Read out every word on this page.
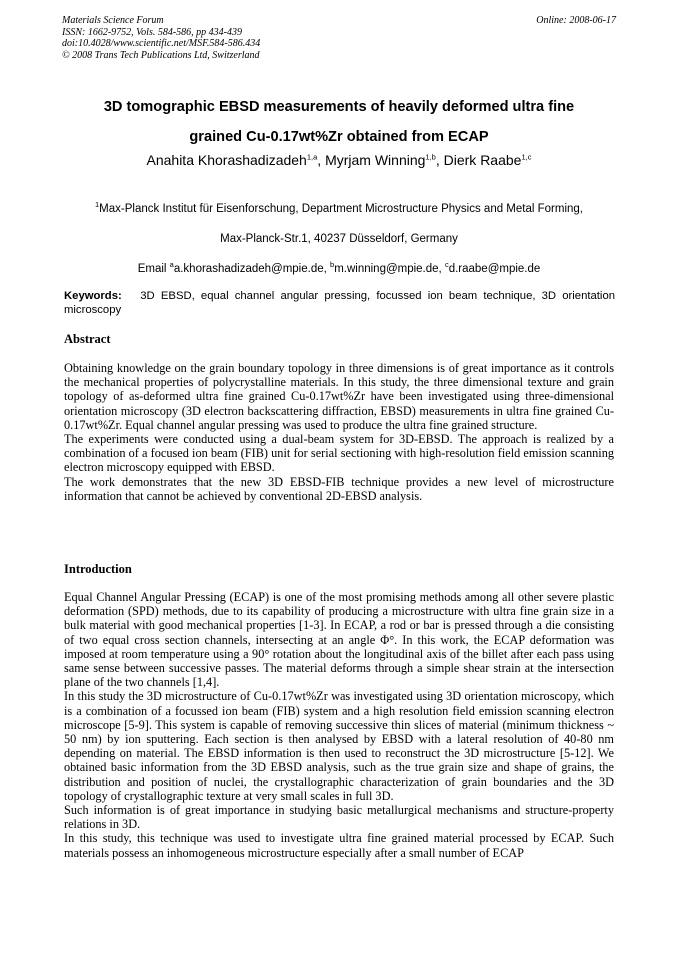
Materials Science Forum
ISSN: 1662-9752, Vols. 584-586, pp 434-439
doi:10.4028/www.scientific.net/MSF.584-586.434
© 2008 Trans Tech Publications Ltd, Switzerland
Online: 2008-06-17
3D tomographic EBSD measurements of heavily deformed ultra fine
grained Cu-0.17wt%Zr obtained from ECAP
Anahita Khorashadizadeh$^{1,a}$, Myrjam Winning$^{1,b}$, Dierk Raabe$^{1,c}$
$^1$Max-Planck Institut für Eisenforschung, Department Microstructure Physics and Metal Forming,
Max-Planck-Str.1, 40237 Düsseldorf, Germany
Email $^a$a.khorashadizadeh@mpie.de, $^b$m.winning@mpie.de, $^c$d.raabe@mpie.de
Keywords: 3D EBSD, equal channel angular pressing, focussed ion beam technique, 3D orientation microscopy
Abstract

Obtaining knowledge on the grain boundary topology in three dimensions is of great importance as it controls the mechanical properties of polycrystalline materials. In this study, the three dimensional texture and grain topology of as-deformed ultra fine grained Cu-0.17wt%Zr have been investigated using three-dimensional orientation microscopy (3D electron backscattering diffraction, EBSD) measurements in ultra fine grained Cu-0.17wt%Zr. Equal channel angular pressing was used to produce the ultra fine grained structure.

The experiments were conducted using a dual-beam system for 3D-EBSD. The approach is realized by a combination of a focused ion beam (FIB) unit for serial sectioning with high-resolution field emission scanning electron microscopy equipped with EBSD.

The work demonstrates that the new 3D EBSD-FIB technique provides a new level of microstructure information that cannot be achieved by conventional 2D-EBSD analysis.

Introduction

Equal Channel Angular Pressing (ECAP) is one of the most promising methods among all other severe plastic deformation (SPD) methods, due to its capability of producing a microstructure with ultra fine grain size in a bulk material with good mechanical properties [1-3]. In ECAP, a rod or bar is pressed through a die consisting of two equal cross section channels, intersecting at an angle Φ°. In this work, the ECAP deformation was imposed at room temperature using a 90° rotation about the longitudinal axis of the billet after each pass using same sense between successive passes. The material deforms through a simple shear strain at the intersection plane of the two channels [1,4].

In this study the 3D microstructure of Cu-0.17wt%Zr was investigated using 3D orientation microscopy, which is a combination of a focussed ion beam (FIB) system and a high resolution field emission scanning electron microscope [5-9]. This system is capable of removing successive thin slices of material (minimum thickness ~ 50 nm) by ion sputtering. Each section is then analysed by EBSD with a lateral resolution of 40-80 nm depending on material. The EBSD information is then used to reconstruct the 3D microstructure [5-12]. We obtained basic information from the 3D EBSD analysis, such as the true grain size and shape of grains, the distribution and position of nuclei, the crystallographic characterization of grain boundaries and the 3D topology of crystallographic texture at very small scales in full 3D.

Such information is of great importance in studying basic metallurgical mechanisms and structure-property relations in 3D.

In this study, this technique was used to investigate ultra fine grained material processed by ECAP. Such materials possess an inhomogeneous microstructure especially after a small number of ECAP
